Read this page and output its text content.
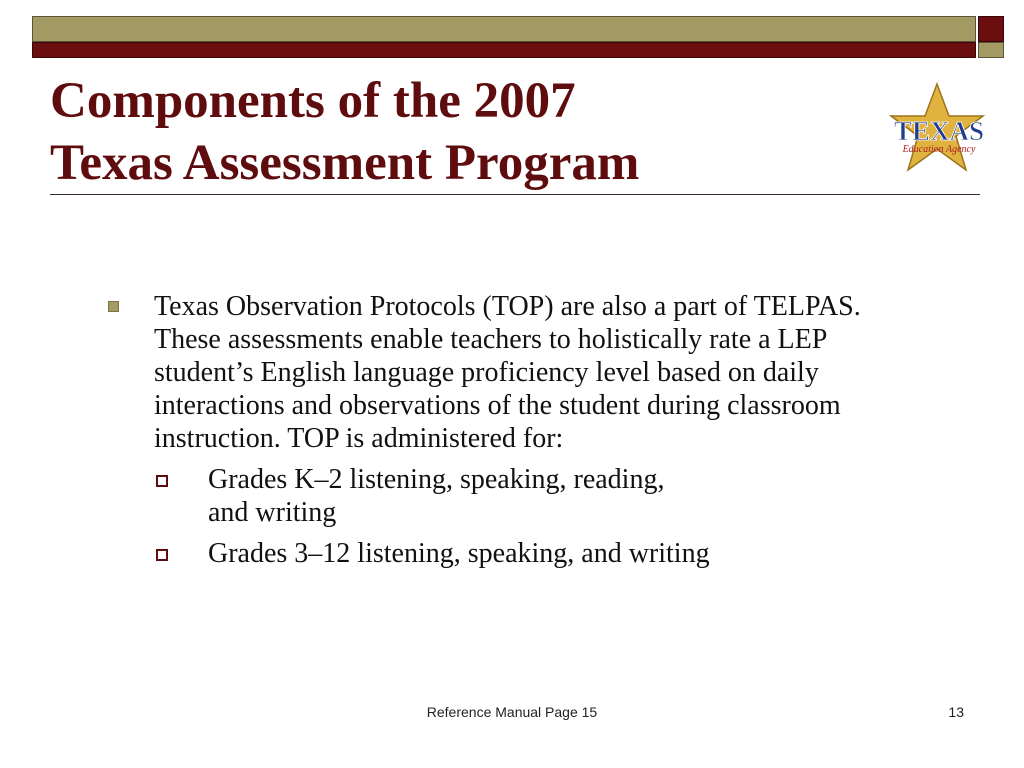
Components of the 2007
Texas Assessment Program
TEXAS
Education Agency
Texas Observation Protocols (TOP) are also a part of TELPAS. These assessments enable teachers to holistically rate a LEP student’s English language proficiency level based on daily interactions and observations of the student during classroom instruction. TOP is administered for:
Grades K–2 listening, speaking, reading,
and writing
Grades 3–12 listening, speaking, and writing
Reference Manual Page 15	13
